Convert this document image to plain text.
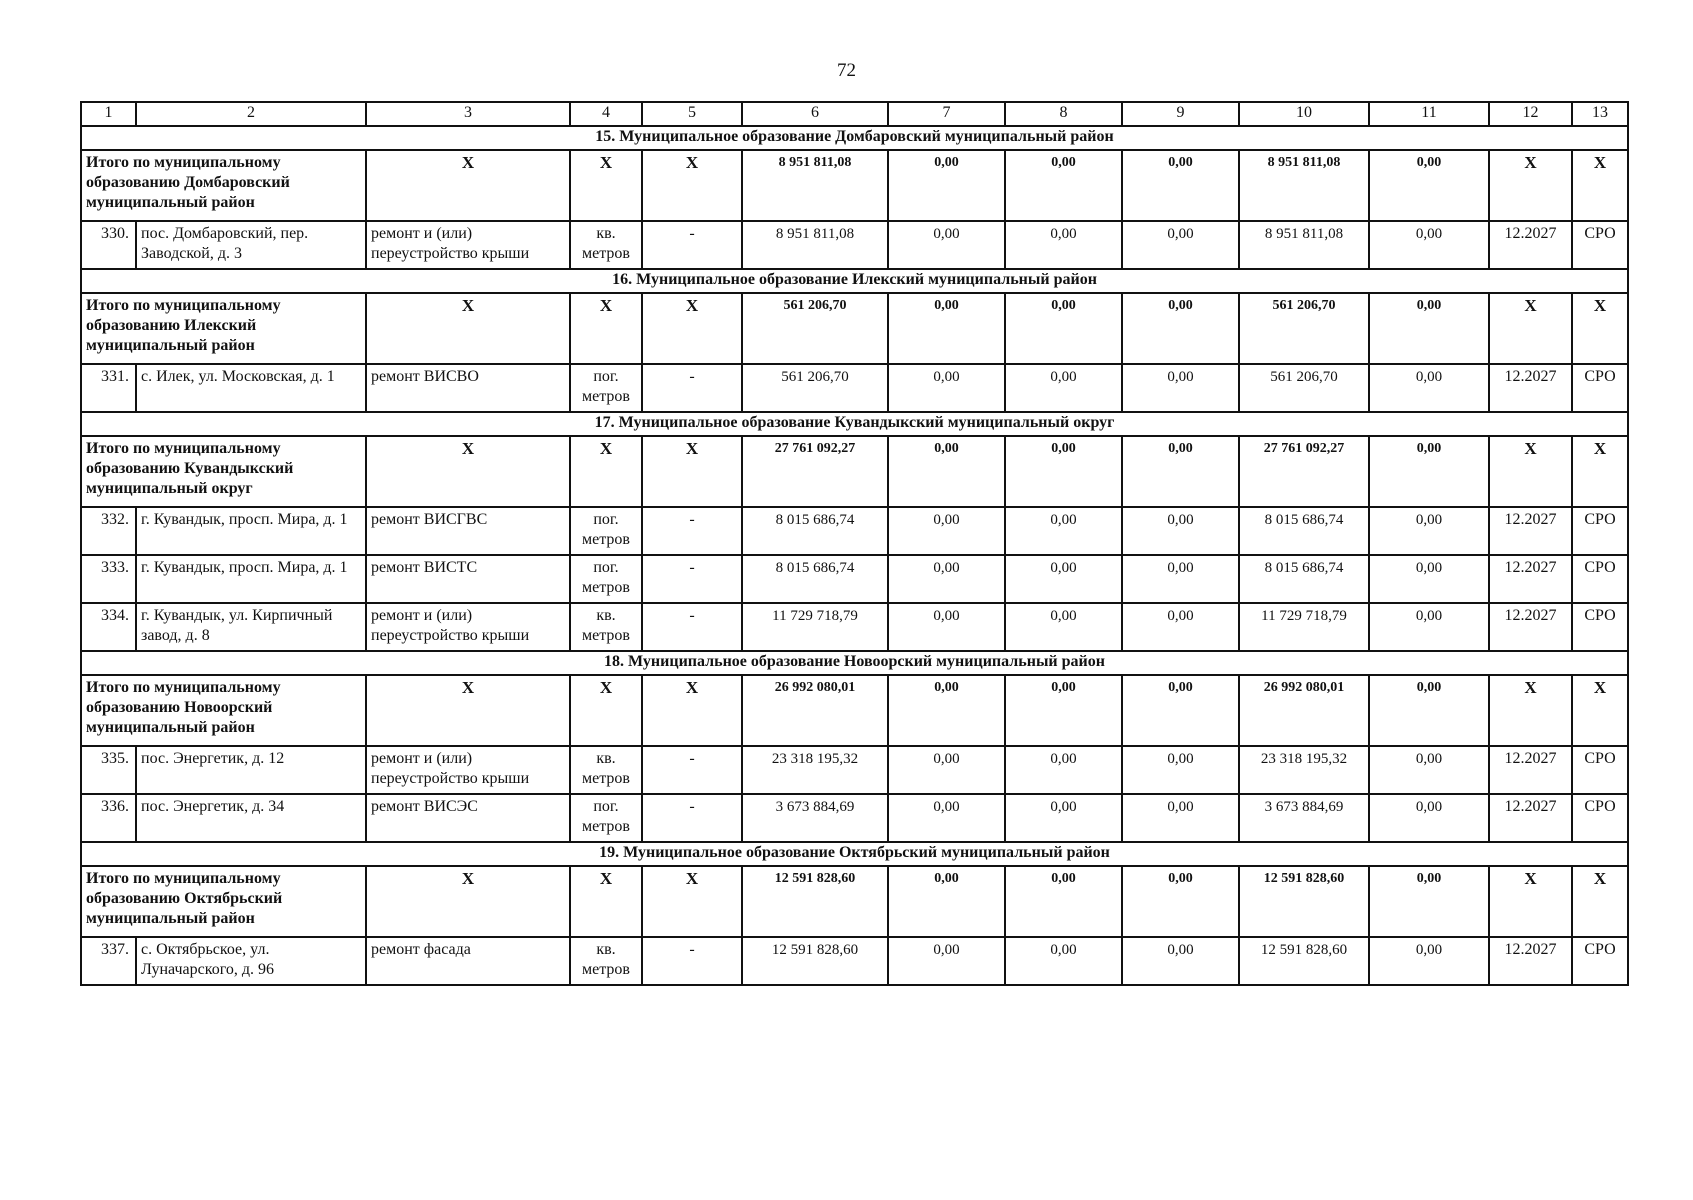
72
1	2	3	4	5	6	7	8	9	10	11	12	13
15. Муниципальное образование Домбаровский муниципальный район												
Итого по муниципальному образованию Домбаровский муниципальный район		X	X	X	8 951 811,08	0,00	0,00	0,00	8 951 811,08	0,00	X	X
330.	пос. Домбаровский, пер. Заводской, д. 3	ремонт и (или) переустройство крыши	кв. метров	-	8 951 811,08	0,00	0,00	0,00	8 951 811,08	0,00	12.2027	СРО
16. Муниципальное образование Илекский муниципальный район												
Итого по муниципальному образованию Илекский муниципальный район		X	X	X	561 206,70	0,00	0,00	0,00	561 206,70	0,00	X	X
331.	с. Илек, ул. Московская, д. 1	ремонт ВИСВО	пог. метров	-	561 206,70	0,00	0,00	0,00	561 206,70	0,00	12.2027	СРО
17. Муниципальное образование Кувандыкский муниципальный округ												
Итого по муниципальному образованию Кувандыкский муниципальный округ		X	X	X	27 761 092,27	0,00	0,00	0,00	27 761 092,27	0,00	X	X
332.	г. Кувандык, просп. Мира, д. 1	ремонт ВИСГВС	пог. метров	-	8 015 686,74	0,00	0,00	0,00	8 015 686,74	0,00	12.2027	СРО
333.	г. Кувандык, просп. Мира, д. 1	ремонт ВИСТС	пог. метров	-	8 015 686,74	0,00	0,00	0,00	8 015 686,74	0,00	12.2027	СРО
334.	г. Кувандык, ул. Кирпичный завод, д. 8	ремонт и (или) переустройство крыши	кв. метров	-	11 729 718,79	0,00	0,00	0,00	11 729 718,79	0,00	12.2027	СРО
18. Муниципальное образование Новоорский муниципальный район												
Итого по муниципальному образованию Новоорский муниципальный район		X	X	X	26 992 080,01	0,00	0,00	0,00	26 992 080,01	0,00	X	X
335.	пос. Энергетик, д. 12	ремонт и (или) переустройство крыши	кв. метров	-	23 318 195,32	0,00	0,00	0,00	23 318 195,32	0,00	12.2027	СРО
336.	пос. Энергетик, д. 34	ремонт ВИСЭС	пог. метров	-	3 673 884,69	0,00	0,00	0,00	3 673 884,69	0,00	12.2027	СРО
19. Муниципальное образование Октябрьский муниципальный район												
Итого по муниципальному образованию Октябрьский муниципальный район		X	X	X	12 591 828,60	0,00	0,00	0,00	12 591 828,60	0,00	X	X
337.	с. Октябрьское, ул. Луначарского, д. 96	ремонт фасада	кв. метров	-	12 591 828,60	0,00	0,00	0,00	12 591 828,60	0,00	12.2027	СРО
